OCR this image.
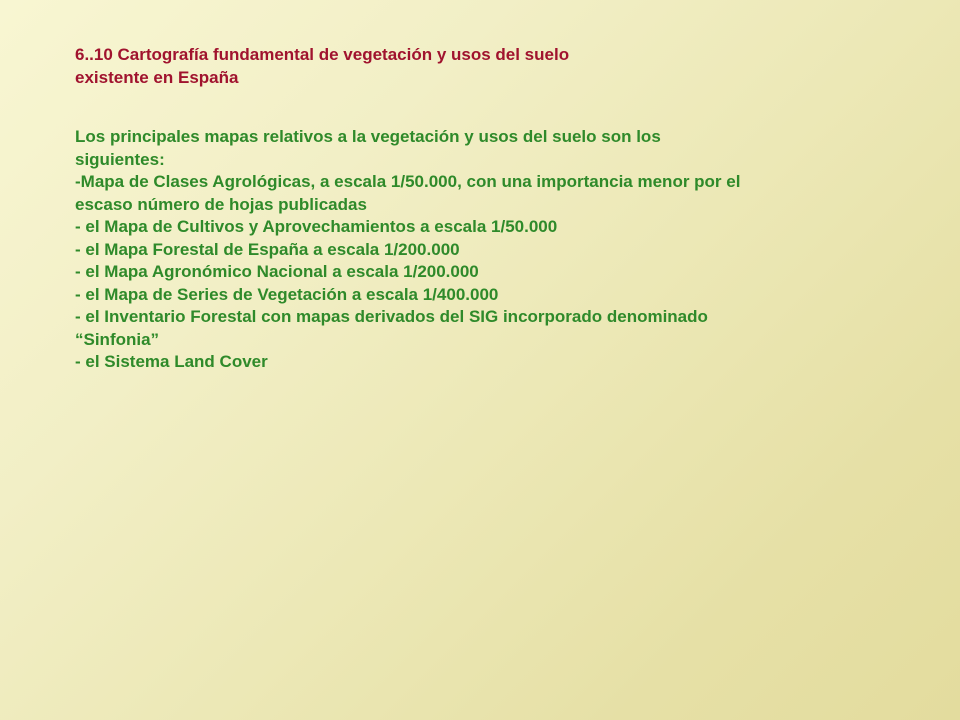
6..10 Cartografía fundamental de vegetación y usos del suelo
existente en España
Los principales mapas relativos a la vegetación y usos del suelo son los
siguientes:
-Mapa de Clases Agrológicas, a escala 1/50.000, con una importancia menor por el
escaso número de hojas publicadas
- el Mapa de Cultivos y Aprovechamientos a escala 1/50.000
- el Mapa Forestal de España a escala 1/200.000
- el Mapa Agronómico Nacional a escala 1/200.000
- el Mapa de Series de Vegetación a escala 1/400.000
- el Inventario Forestal con mapas derivados del SIG incorporado denominado
“Sinfonia”
- el Sistema Land Cover
